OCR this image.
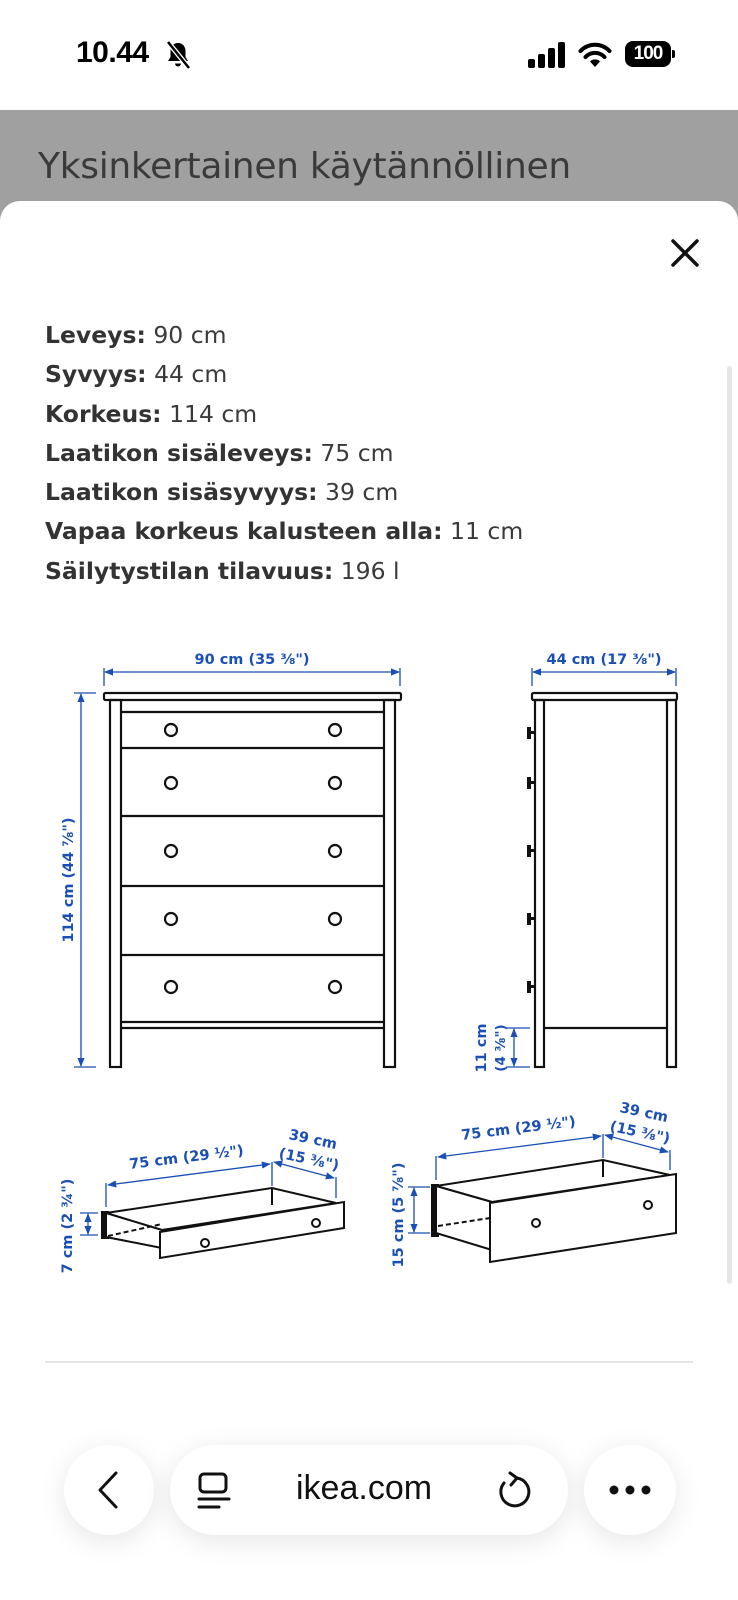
10.44	100
Yksinkertainen käytännöllinen
Leveys: 90 cm
Syvyys: 44 cm
Korkeus: 114 cm
Laatikon sisäleveys: 75 cm
Laatikon sisäsyvyys: 39 cm
Vapaa korkeus kalusteen alla: 11 cm
Säilytystilan tilavuus: 196 l
90 cm (35 ⅜")
114 cm (44 ⅞")
44 cm (17 ⅜")
11 cm (4 ⅜")
75 cm (29 ½")
39 cm
(15 ⅜")
7 cm (2 ¾")
75 cm (29 ½")
39 cm
(15 ⅜")
15 cm (5 ⅞")
ikea.com
